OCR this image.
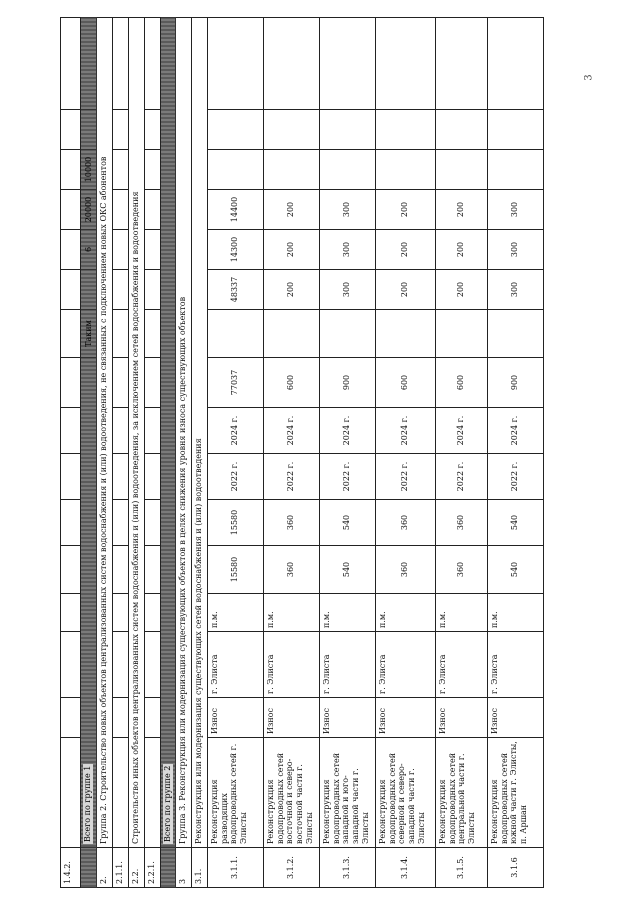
3
1.4.2.																
	Всего по группе 1									Таким		6	20000	10000		
2.	Группа 2. Строительство новых объектов централизованных систем водоснабжения и (или) водоотведения, не связанных с подключением новых ОКС абонентов															
2.1.1.																
2.2.	Строительство иных объектов централизованных систем водоснабжения и (или) водоотведения, за исключением сетей водоснабжения и водоотведения															
2.2.1.																
	Всего по группе 2															
3	Группа 3. Реконструкция или модернизация существующих объектов в целях снижения уровня износа существующих объектов															
3.1.	Реконструкция или модернизация существующих сетей водоснабжения и (или) водоотведения															
3.1.1.	Реконструкция разводящих водопроводных сетей г. Элисты	Износ	г. Элиста	п.м.	15580	15580	2022 г.	2024 г.	77037		48337	14300	14400			
3.1.2.	Реконструкция водопроводных сетей восточной и северо-восточной части г. Элисты	Износ	г. Элиста	п.м.	360	360	2022 г.	2024 г.	600		200	200	200			
3.1.3.	Реконструкция водопроводных сетей западной и юго-западной части г. Элисты	Износ	г. Элиста	п.м.	540	540	2022 г.	2024 г.	900		300	300	300			
3.1.4.	Реконструкция водопроводных сетей северной и северо-западной части г. Элисты	Износ	г. Элиста	п.м.	360	360	2022 г.	2024 г.	600		200	200	200			
3.1.5.	Реконструкция водопроводных сетей центральной части г. Элисты	Износ	г. Элиста	п.м.	360	360	2022 г.	2024 г.	600		200	200	200			
3.1.6	Реконструкция водопроводных сетей южной части г. Элисты, п. Аршан	Износ	г. Элиста	п.м.	540	540	2022 г.	2024 г.	900		300	300	300			
